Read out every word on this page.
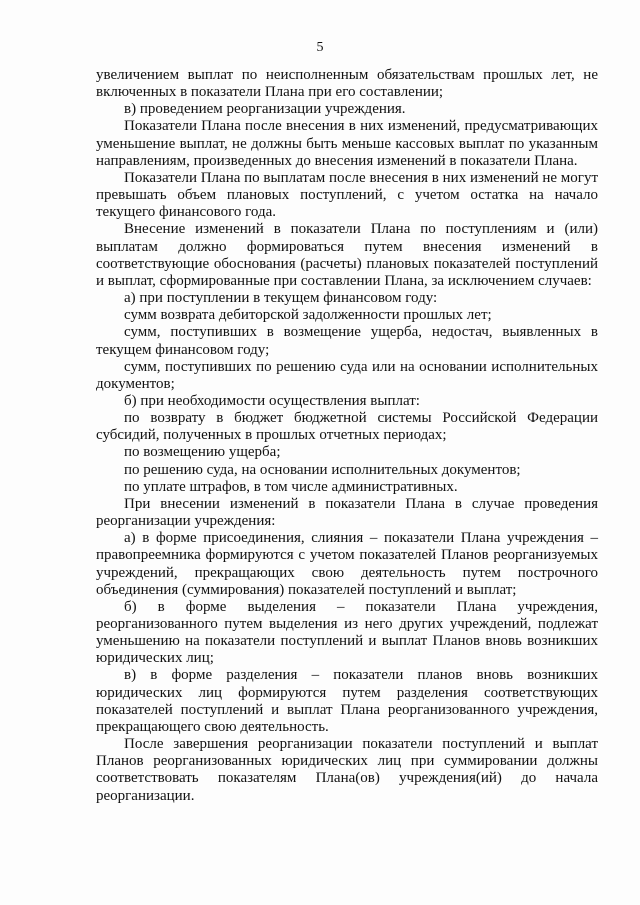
5

увеличением выплат по неисполненным обязательствам прошлых лет, не включенных в показатели Плана при его составлении;

в) проведением реорганизации учреждения.

Показатели Плана после внесения в них изменений, предусматривающих уменьшение выплат, не должны быть меньше кассовых выплат по указанным направлениям, произведенных до внесения изменений в показатели Плана.

Показатели Плана по выплатам после внесения в них изменений не могут превышать объем плановых поступлений, с учетом остатка на начало текущего финансового года.

Внесение изменений в показатели Плана по поступлениям и (или) выплатам должно формироваться путем внесения изменений в соответствующие обоснования (расчеты) плановых показателей поступлений и выплат, сформированные при составлении Плана, за исключением случаев:

а) при поступлении в текущем финансовом году:

сумм возврата дебиторской задолженности прошлых лет;

сумм, поступивших в возмещение ущерба, недостач, выявленных в текущем финансовом году;

сумм, поступивших по решению суда или на основании исполнительных документов;

б) при необходимости осуществления выплат:

по возврату в бюджет бюджетной системы Российской Федерации субсидий, полученных в прошлых отчетных периодах;

по возмещению ущерба;

по решению суда, на основании исполнительных документов;

по уплате штрафов, в том числе административных.

При внесении изменений в показатели Плана в случае проведения реорганизации учреждения:

а) в форме присоединения, слияния – показатели Плана учреждения – правопреемника формируются с учетом показателей Планов реорганизуемых учреждений, прекращающих свою деятельность путем построчного объединения (суммирования) показателей поступлений и выплат;

б) в форме выделения – показатели Плана учреждения, реорганизованного путем выделения из него других учреждений, подлежат уменьшению на показатели поступлений и выплат Планов вновь возникших юридических лиц;

в) в форме разделения – показатели планов вновь возникших юридических лиц формируются путем разделения соответствующих показателей поступлений и выплат Плана реорганизованного учреждения, прекращающего свою деятельность.

После завершения реорганизации показатели поступлений и выплат Планов реорганизованных юридических лиц при суммировании должны соответствовать показателям Плана(ов) учреждения(ий) до начала реорганизации.
